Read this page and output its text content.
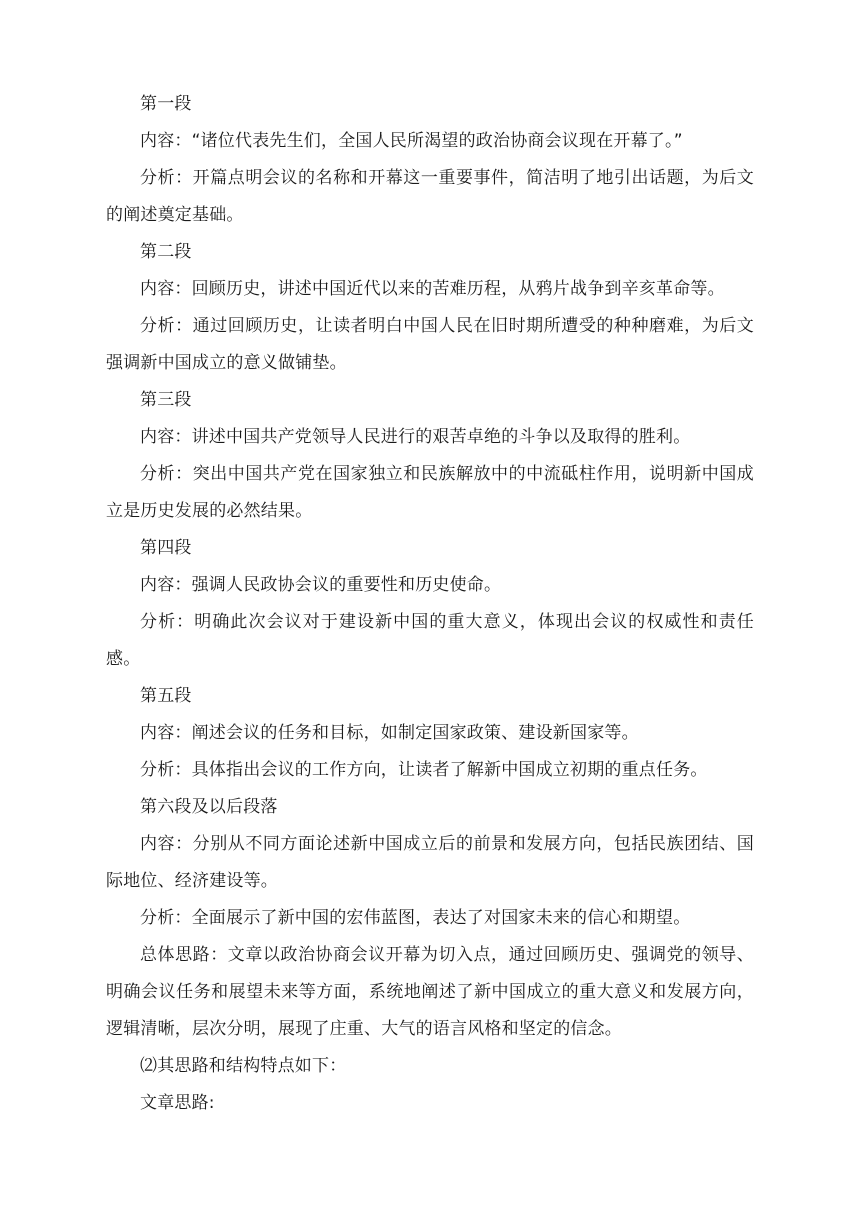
第一段

内容：“诸位代表先生们，全国人民所渴望的政治协商会议现在开幕了。”

分析：开篇点明会议的名称和开幕这一重要事件，简洁明了地引出话题，为后文的阐述奠定基础。

第二段

内容：回顾历史，讲述中国近代以来的苦难历程，从鸦片战争到辛亥革命等。

分析：通过回顾历史，让读者明白中国人民在旧时期所遭受的种种磨难，为后文强调新中国成立的意义做铺垫。

第三段

内容：讲述中国共产党领导人民进行的艰苦卓绝的斗争以及取得的胜利。

分析：突出中国共产党在国家独立和民族解放中的中流砥柱作用，说明新中国成立是历史发展的必然结果。

第四段

内容：强调人民政协会议的重要性和历史使命。

分析：明确此次会议对于建设新中国的重大意义，体现出会议的权威性和责任感。

第五段

内容：阐述会议的任务和目标，如制定国家政策、建设新国家等。

分析：具体指出会议的工作方向，让读者了解新中国成立初期的重点任务。

第六段及以后段落

内容：分别从不同方面论述新中国成立后的前景和发展方向，包括民族团结、国际地位、经济建设等。

分析：全面展示了新中国的宏伟蓝图，表达了对国家未来的信心和期望。

总体思路：文章以政治协商会议开幕为切入点，通过回顾历史、强调党的领导、明确会议任务和展望未来等方面，系统地阐述了新中国成立的重大意义和发展方向，逻辑清晰，层次分明，展现了庄重、大气的语言风格和坚定的信念。

⑵其思路和结构特点如下：

文章思路:
